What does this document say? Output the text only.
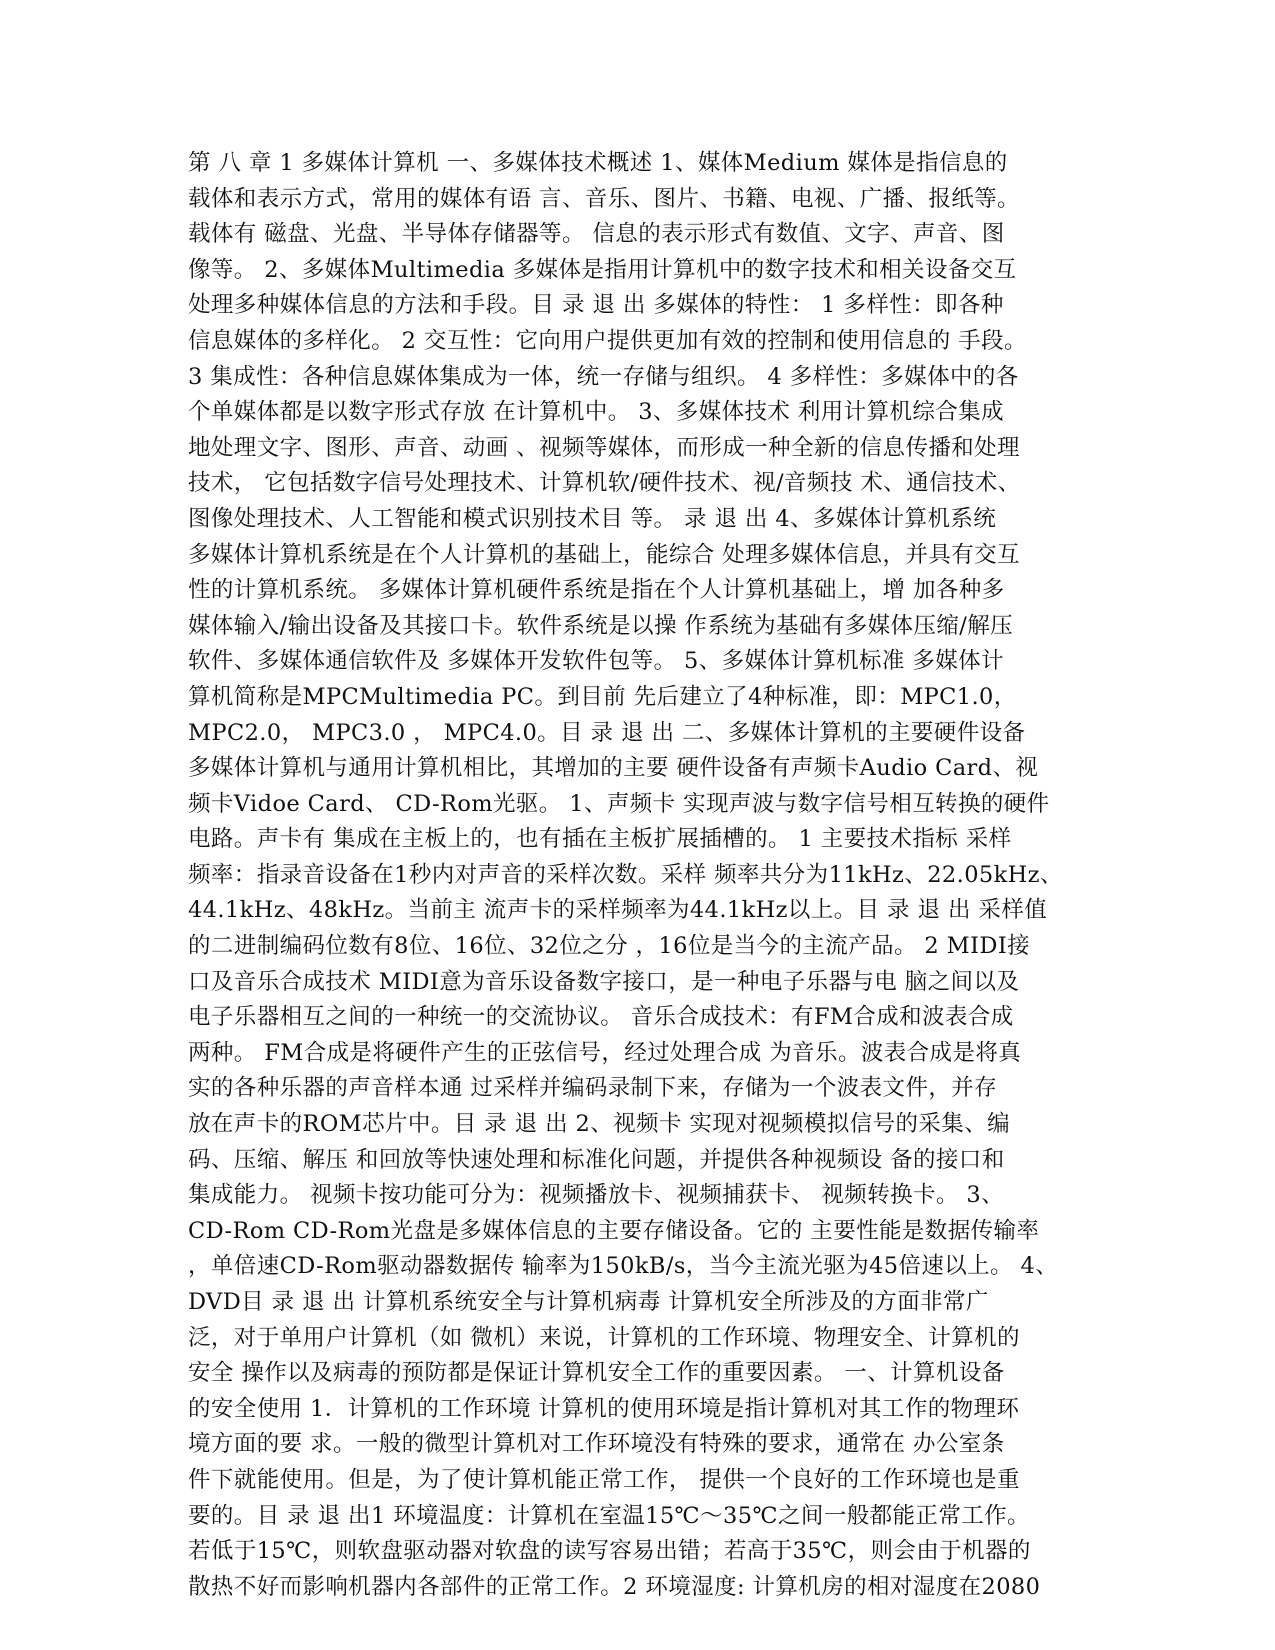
第 八 章 1 多媒体计算机 一、多媒体技术概述 1、媒体Medium 媒体是指信息的
载体和表示方式，常用的媒体有语 言、音乐、图片、书籍、电视、广播、报纸等。
载体有 磁盘、光盘、半导体存储器等。 信息的表示形式有数值、文字、声音、图
像等。 2、多媒体Multimedia 多媒体是指用计算机中的数字技术和相关设备交互
处理多种媒体信息的方法和手段。目 录 退 出 多媒体的特性： 1 多样性：即各种
信息媒体的多样化。 2 交互性：它向用户提供更加有效的控制和使用信息的 手段。
3 集成性：各种信息媒体集成为一体，统一存储与组织。 4 多样性：多媒体中的各
个单媒体都是以数字形式存放 在计算机中。 3、多媒体技术 利用计算机综合集成
地处理文字、图形、声音、动画 、视频等媒体，而形成一种全新的信息传播和处理
技术， 它包括数字信号处理技术、计算机软/硬件技术、视/音频技 术、通信技术、
图像处理技术、人工智能和模式识别技术目 等。 录 退 出 4、多媒体计算机系统
多媒体计算机系统是在个人计算机的基础上，能综合 处理多媒体信息，并具有交互
性的计算机系统。 多媒体计算机硬件系统是指在个人计算机基础上，增 加各种多
媒体输入/输出设备及其接口卡。软件系统是以操 作系统为基础有多媒体压缩/解压
软件、多媒体通信软件及 多媒体开发软件包等。 5、多媒体计算机标准 多媒体计
算机简称是MPCMultimedia PC。到目前 先后建立了4种标准，即：MPC1.0，
MPC2.0， MPC3.0 ， MPC4.0。目 录 退 出 二、多媒体计算机的主要硬件设备
多媒体计算机与通用计算机相比，其增加的主要 硬件设备有声频卡Audio Card、视
频卡Vidoe Card、 CD-Rom光驱。 1、声频卡 实现声波与数字信号相互转换的硬件
电路。声卡有 集成在主板上的，也有插在主板扩展插槽的。 1 主要技术指标 采样
频率：指录音设备在1秒内对声音的采样次数。采样 频率共分为11kHz、22.05kHz、
44.1kHz、48kHz。当前主 流声卡的采样频率为44.1kHz以上。目 录 退 出 采样值
的二进制编码位数有8位、16位、32位之分 ，16位是当今的主流产品。 2 MIDI接
口及音乐合成技术 MIDI意为音乐设备数字接口，是一种电子乐器与电 脑之间以及
电子乐器相互之间的一种统一的交流协议。 音乐合成技术：有FM合成和波表合成
两种。 FM合成是将硬件产生的正弦信号，经过处理合成 为音乐。波表合成是将真
实的各种乐器的声音样本通 过采样并编码录制下来，存储为一个波表文件，并存
放在声卡的ROM芯片中。目 录 退 出 2、视频卡 实现对视频模拟信号的采集、编
码、压缩、解压 和回放等快速处理和标准化问题，并提供各种视频设 备的接口和
集成能力。 视频卡按功能可分为：视频播放卡、视频捕获卡、 视频转换卡。 3、
CD-Rom CD-Rom光盘是多媒体信息的主要存储设备。它的 主要性能是数据传输率
，单倍速CD-Rom驱动器数据传 输率为150kB/s，当今主流光驱为45倍速以上。 4、
DVD目 录 退 出 计算机系统安全与计算机病毒 计算机安全所涉及的方面非常广
泛，对于单用户计算机（如 微机）来说，计算机的工作环境、物理安全、计算机的
安全 操作以及病毒的预防都是保证计算机安全工作的重要因素。 一、计算机设备
的安全使用 1．计算机的工作环境 计算机的使用环境是指计算机对其工作的物理环
境方面的要 求。一般的微型计算机对工作环境没有特殊的要求，通常在 办公室条
件下就能使用。但是，为了使计算机能正常工作， 提供一个良好的工作环境也是重
要的。目 录 退 出1 环境温度：计算机在室温15℃～35℃之间一般都能正常工作。
若低于15℃，则软盘驱动器对软盘的读写容易出错；若高于35℃，则会由于机器的
散热不好而影响机器内各部件的正常工作。2 环境湿度: 计算机房的相对湿度在2080
